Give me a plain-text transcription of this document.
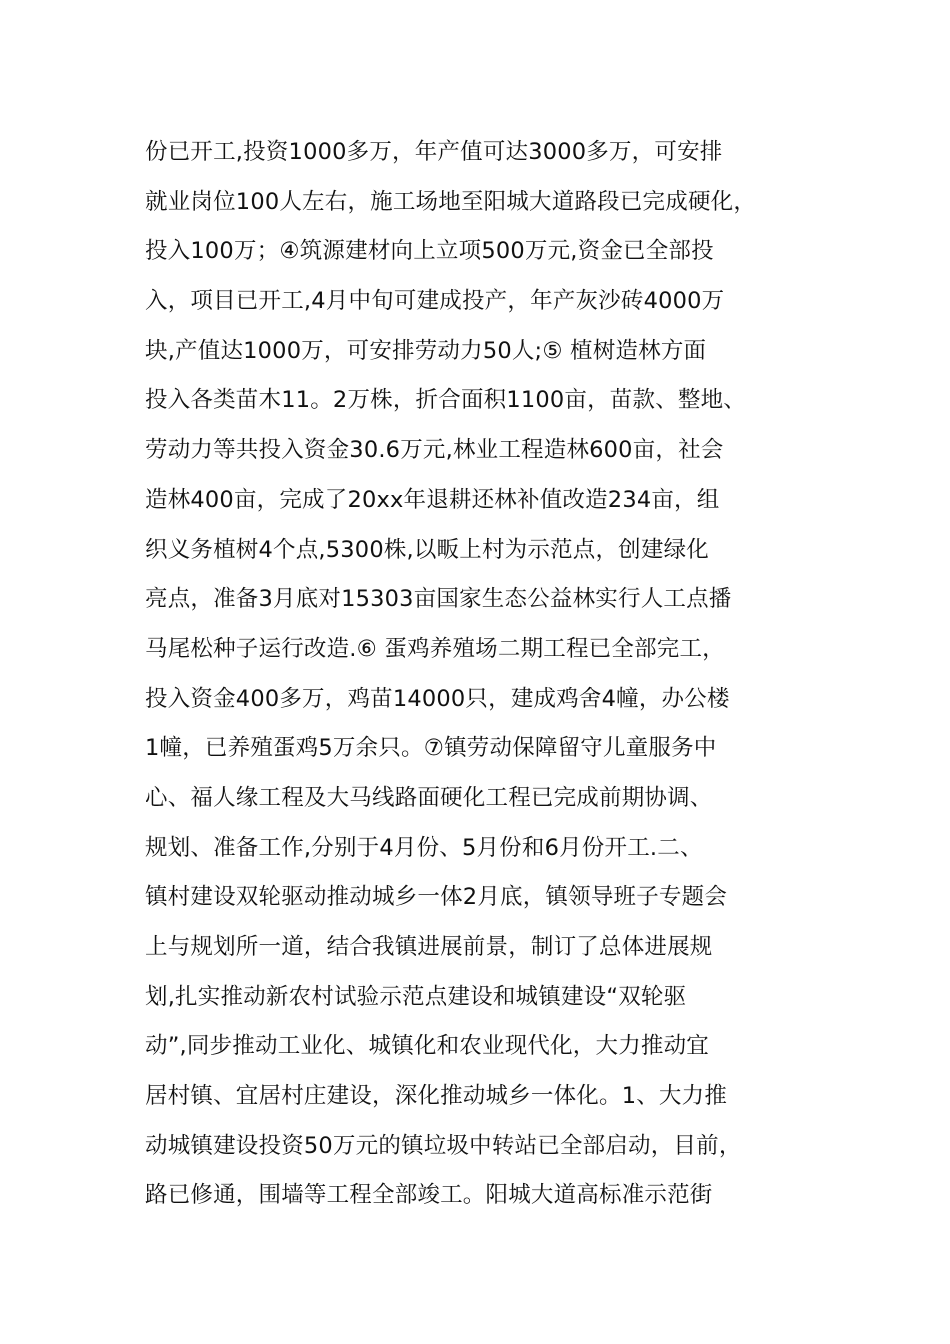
份已开工,投资1000多万，年产值可达3000多万，可安排
就业岗位100人左右，施工场地至阳城大道路段已完成硬化，
投入100万；④筑源建材向上立项500万元,资金已全部投
入，项目已开工,4月中旬可建成投产，年产灰沙砖4000万
块,产值达1000万，可安排劳动力50人;⑤ 植树造林方面
投入各类苗木11。2万株，折合面积1100亩，苗款、整地、
劳动力等共投入资金30.6万元,林业工程造林600亩，社会
造林400亩，完成了20xx年退耕还林补值改造234亩，组
织义务植树4个点,5300株,以畈上村为示范点，创建绿化
亮点，准备3月底对15303亩国家生态公益林实行人工点播
马尾松种子运行改造.⑥ 蛋鸡养殖场二期工程已全部完工，
投入资金400多万，鸡苗14000只，建成鸡舍4幢，办公楼
1幢，已养殖蛋鸡5万余只。⑦镇劳动保障留守儿童服务中
心、福人缘工程及大马线路面硬化工程已完成前期协调、
规划、准备工作,分别于4月份、5月份和6月份开工.二、
镇村建设双轮驱动推动城乡一体2月底，镇领导班子专题会
上与规划所一道，结合我镇进展前景，制订了总体进展规
划,扎实推动新农村试验示范点建设和城镇建设“双轮驱
动”,同步推动工业化、城镇化和农业现代化，大力推动宜
居村镇、宜居村庄建设，深化推动城乡一体化。1、大力推
动城镇建设投资50万元的镇垃圾中转站已全部启动，目前，
路已修通，围墙等工程全部竣工。阳城大道高标准示范街
